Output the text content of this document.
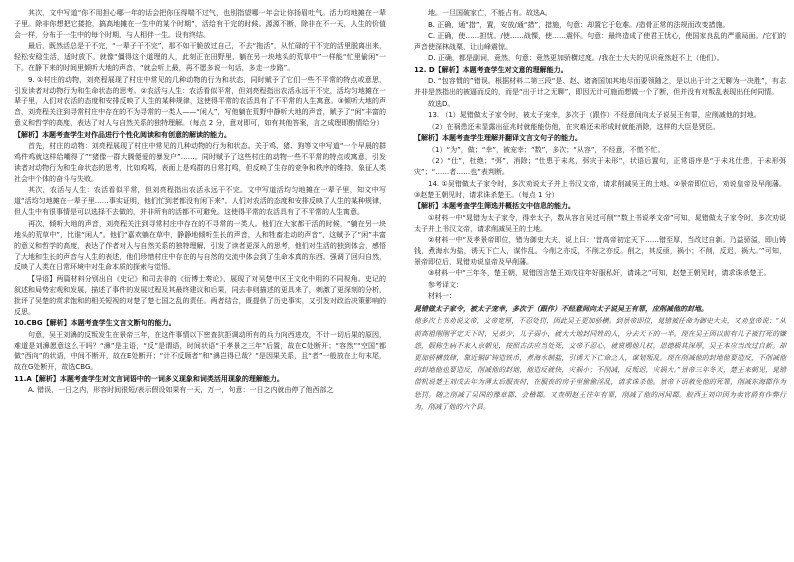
其次，文中写道“你不用担心哪一年的话会把你压得喘不过气，也别指望哪一年会让你扬眉吐气。活力均地摊在一辈子里。除非你想把它搂抢，搞高地摊在一生中的某个时期”，活给有干完的时候。源源不断，除非在不一天，人生的价值会一样，分布于一生中的每个时期，与人相伴一生。设有终结。

最后，既然活总是干不完，“一辈子干不完”，那不如干脆放过自己，不去“拖活”，从忙碌的干不完的活里脱离出来，轻松安稳生活，适时放下。就像“僵得这个道理的人，此刻正在田野里，躺在另一块地头的荒草中”一样能“忙里偷闲”一下。在静下来的时间里倾听大地的声音，“就会听上最，再不愿多说一句话，多走一步路”。

9. ①村庄的动物，刘亮程展现了村庄中常见的几种动物的行为和状态，同时赋予了它们一些不平常的特点或意思，引发读者对动物行为和生命状态的思考。②农活与人生：农活看似平常，但刘亮程指出农活永远干不完，活均匀地摊在一辈子里，人们对农活的态度和安排反映了人生的某种规律，这使得平常的农活具有了不平常的人生寓意。③倾听大地的声音，刘亮程关注到寻常村庄中存在的不为寻常的一类人——“闲人”，写他躺在荒野中静听大地的声音，赋予了“闲”丰富的意义和哲学的高度，表达了对人与自然关系的独特理解。（每点 2 分，意对即可，如有其他答案，言之成理即酌情给分）

【解析】本题考查学生对作品进行个性化阅读和有创意的解读的能力。

首先，村庄的动物：刘亮程展现了村庄中常见的几种动物的行为和状态。关于鸡、猪、狗等文中写道“一个早晨的群鸡件鸡就这样给嘲得了”“猪像一群大腾便爱的暴发户”……。同时赋予了这些村庄的动物一些不平常的特点或寓意，引发读者对动物行为和生命状态的思考，比如鸡鸣，表面上是鸡群的日常打鸣，但反映了生存的竞争和秩序的维持，象征人类社会中个体的奋斗与失败。

其次，农活与人生：农活看似平常，但刘亮程指出农活永远干不完。文中写道活均匀地摊在一辈子里，知文中写道“活均匀地摊在一辈子里……事实证明，他们忙到老都没有闲下来”。人们对农活的态度和安排反映了人生的某种规律，但人生中有很事情是可以选择不去做的，并非所有的活都不可避免。这使得平常的农活具有了不平常的人生寓意。

再次，倾听大地的声音，刘亮程关注到寻常村庄中存在的不寻常的一类人。他们在大家都干活的时候，“躺在另一块地头的荒草中”，比谁“闲人”。他们“嘉欢躺在草中，静静地倾听生长的声音，人和牲畜走动的声音”，这赋予了“闲”丰富的意义和哲学的高度，表达了作者对人与自然关系的独特理解，引发了读者更深入的思考，他们对生活的独到体会，感悟了大地和生长的声音与人生的表述，他们珍惜村庄中存在的与自然的交流中体会到了生命本真的东西。强调了回归自然，反映了人类在日常环境中对生命本质的探索与觉悟。

【导语】两篇材料分别出自《史记》和司去非的《衍博士奏论》，展现了对吴楚中区王文化中用的不同视角。史记的叙述和局势宏观和发展，描述了事件的发展过程及其最终建议和后果，同去非则描述的更具来了，刺激了更深刻的分析，批评了吴楚的赏求饱和的相关短视的对楚了楚七国之乱的责任。两者结合，既提供了历史事实，又引发对政治决策影响的反思。

10.CBG【解析】本题考查学生文言文断句的能力。

句意，吴王刘濞的反叛发生在景帝三年，在这件事情以下密查抗拒调动所有的兵力向西进攻，不计一切后果的原因，难道是刘濞愿意这么干吗？“濞”是主语，“反”是谓语，时间状语“于孝景之三年”后置，故在C处断开；“容然”“空国”都做“西向”的状语，中间不断开，故在E处断开；“计不反顾者”和“濞岂得已哉？”是因果关系，且“者”一般放在上句末尾，故在G处断开，故选CBG。

11.A【解析】本题考查学生对文言词语中的一词多义现象和词类活用现象的理解能力。

A. 错误，一日之内，形容时间很短/表示假设如果有一天，万一，句意：一日之内就由停了他西部之

地。一旦国破家亡，不能占有。故选A。

B. 正确，通“措”，置，安放/通“措”，措施，句意：却置它于危难。/造骨正常的法规而改变措施。

C. 正确，使……担忧。/使……战慄，使……震怀。句意：最终造成了使君王忧心，使国家良乱的严重局面。/它们的声音使深林战栗，让山峰震惊。

D. 正确，都是副词，竟然，句意：竟然更加骄横过度。/我在士大夫的见识竟然赶不上（他们）。

12. D【解析】本题考查学生对文意的理解能力。

D. “包容惯的”错误。根据材料二第三段“是、赵、诸斋国加其地尽而要领随之，是以出于计之无聊为一决胜”，有志并非是然指出的被逼而反的，而是“出于计之无聊”，即因无计可施而想做一个了断，但并没有对叛乱表现出任何同情。

故选D。

13. （1）晁错做太子家令时，被太子宠幸，多次于（跟作）不经意间向太子说吴王有罪，应削减他的封地。

（2）在祸患还未显露出征兆时就能能仿他，在灾难还未形成时就能消除，这样的大臣是贤臣。

【解析】本题考查学生理解并翻译文言文句子的能力。

（1）“为”，做；“幸”，被宠幸；“数”，多次；“从容”，不经意，不慌不忙。

（2）“仕”，杜绝；“弭”，消除；“仕患于未兆，弭灾于未形”，状语后置句，正常语序是“于未兆仕患，于未形弭灾”；“……者……也”表判断。

14. ①吴错做太子家令时，多次劝说太子并上书汉文帝，请求削减吴王的土地。②景帝即位后，劝说皇帝及早削藩。③赵楚王朝见时，请求诛杀楚王。（每点 1 分）

【解析】本题考查学生筛选并概括文中信息的能力。

①材料一中“晁错为太子家令，得幸太子，数从容言吴过可削”“数上书说孝文帝”可知，晁错做太子家令时，多次劝说太子并上书汉文帝，请求削减吴王的土地。

②材料一中“及孝景帝即位，错为御史大夫，说上曰：‘昔高帝初定天下……错至厚，当改过自新。乃益骄溢，即山铸钱，煮海水为盐，诱天下亡人，谋作乱。今削之亦反，不削之亦反。削之，其反亟，祸小；不削，反迟，祸大。’”可知，景帝即位后，晁错劝说皇帝及早削藩。

③材料一中“三年冬，楚王朝，晁错因言楚王刘戊往年好服私奸，请诛之”可知，赵楚王朝见时，请求诛杀楚王。

参考译文：

材料一：

晁错做太子家令，被太子宠幸，多次于（跟作）不经意间向太子说吴王有罪，应削减他的封地。

他多次上书劝说文帝，文帝宽厚，不忍处罚，因此吴王更加骄横。到景帝即位，晁错被任命为御史大夫，又劝皇帝说：“从前高祖刚刚平定天下时，兄弟少，儿子弱小，就大大地封同姓的人，分去天下的一半。现在吴王因以前有儿子被打死的嫌怨，假称生病不来入京朝见，按照古法应当处死，文帝不忍心，就赏赐他几杖，恩德极其深厚，吴王本应当改过自新。却更加骄横放肆，靠近铜矿铸造铁币，煮海水制盐，引诱天下亡命之人，谋划叛乱。现在削减他的封地他要造反，不削减他的封地他也要造反，削减他的封地，他造反就快，灾祸小；不削减，反叛迟，灾祸大。”景帝三年冬天，楚王来朝见，晁错借机说楚王刘戊去年为薄太后服丧时，在服丧的房子里偷偷淫乱，请求诛杀他。景帝下诏赦免他的死罪，削减东海郡作为惩罚。随之削减了吴国的豫章郡、会稽郡。又查明赵王往年有罪，削减了他的河间郡。胶西王刘卬因为卖官爵有作弊行为，削减了他的六个县。
